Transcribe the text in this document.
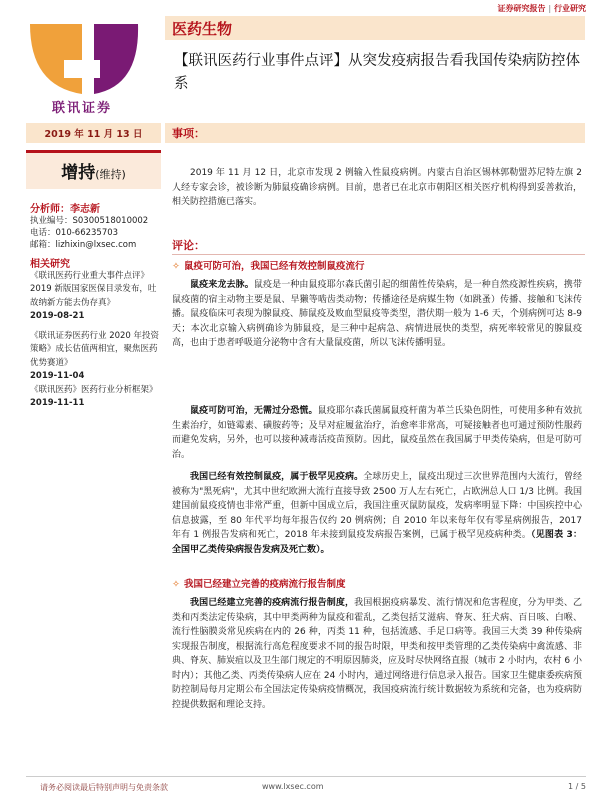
证券研究报告 | 行业研究
联讯证券
医药生物
【联讯医药行业事件点评】从突发疫病报告看我国传染病防控体系
2019 年 11 月 13 日	事项：
增持(维持)
分析师：李志新
执业编号：S0300518010002
电话：010-66235703
邮箱：lizhixin@lxsec.com
相关研究
《联讯医药行业重大事件点评》2019 新版国家医保目录发布，吐故纳新方能去伪存真》
2019-08-21
《联讯证券医药行业 2020 年投资策略》成长估值两相宜，聚焦医药优势赛道》
2019-11-04
《联讯医药》医药行业分析框架》
2019-11-11
2019 年 11 月 12 日，北京市发现 2 例输入性鼠疫病例。内蒙古自治区锡林郭勒盟苏尼特左旗 2 人经专家会诊，被诊断为肺鼠疫确诊病例。目前，患者已在北京市朝阳区相关医疗机构得到妥善救治，相关防控措施已落实。
评论：
✧ 鼠疫可防可治，我国已经有效控制鼠疫流行
鼠疫来龙去脉。鼠疫是一种由鼠疫耶尔森氏菌引起的细菌性传染病，是一种自然疫源性疾病，携带鼠疫菌的宿主动物主要是鼠、旱獭等啮齿类动物；传播途径是病媒生物（如跳蚤）传播、接触和飞沫传播。鼠疫临床可表现为腺鼠疫、肺鼠疫及败血型鼠疫等类型，潜伏期一般为 1-6 天，个别病例可达 8-9 天；本次北京输入病例确诊为肺鼠疫，是三种中起病急、病情进展快的类型，病死率较常见的腺鼠疫高，也由于患者呼吸道分泌物中含有大量鼠疫菌，所以飞沫传播明显。
鼠疫可防可治，无需过分恐慌。鼠疫耶尔森氏菌属鼠疫杆菌为革兰氏染色阴性，可使用多种有效抗生素治疗，如链霉素、磺胺药等；及早对症履盆治疗，治愈率非常高，可疑接触者也可通过预防性服药而避免发病，另外，也可以接种减毒活疫苗预防。因此，鼠疫虽然在我国属于甲类传染病，但是可防可治。
我国已经有效控制鼠疫，属于极罕见疫病。全球历史上，鼠疫出现过三次世界范围内大流行，曾经被称为"黑死病"，尤其中世纪欧洲大流行直接导致 2500 万人左右死亡，占欧洲总人口 1/3 比例。我国建国前鼠疫疫情也非常严重，但新中国成立后，我国注重灭鼠防鼠疫，发病率明显下降：中国疾控中心信息披露，至 80 年代平均每年报告仅约 20 例病例；自 2010 年以来每年仅有零星病例报告，2017 年有 1 例报告发病和死亡，2018 年未接到鼠疫发病报告案例，已属于极罕见疫病种类。（见图表 3：全国甲乙类传染病报告发病及死亡数）。
✧ 我国已经建立完善的疫病流行报告制度
我国已经建立完善的疫病流行报告制度，我国根据疫病暴发、流行情况和危害程度，分为甲类、乙类和丙类法定传染病，其中甲类两种为鼠疫和霍乱，乙类包括艾滋病、脊灰、狂犬病、百日咳、白喉、流行性脑膜炎常见疾病在内的 26 种，丙类 11 种，包括流感、手足口病等。我国三大类 39 种传染病实现报告制度，根据流行高危程度要求不同的报告时限，甲类和按甲类管理的乙类传染病中禽流感、非典、脊灰、肺炭疽以及卫生部门规定的不明原因肺炎，应及时尽快网络直报（城市 2 小时内，农村 6 小时内）；其他乙类、丙类传染病人应在 24 小时内，通过网络进行信息录入报告。国家卫生健康委疾病预防控制局每月定期公布全国法定传染病疫情概况，我国疫病流行统计数据较为系统和完备，也为疫病防控提供数据和理论支持。
请务必阅读最后特别声明与免责条款	www.lxsec.com	1 / 5
